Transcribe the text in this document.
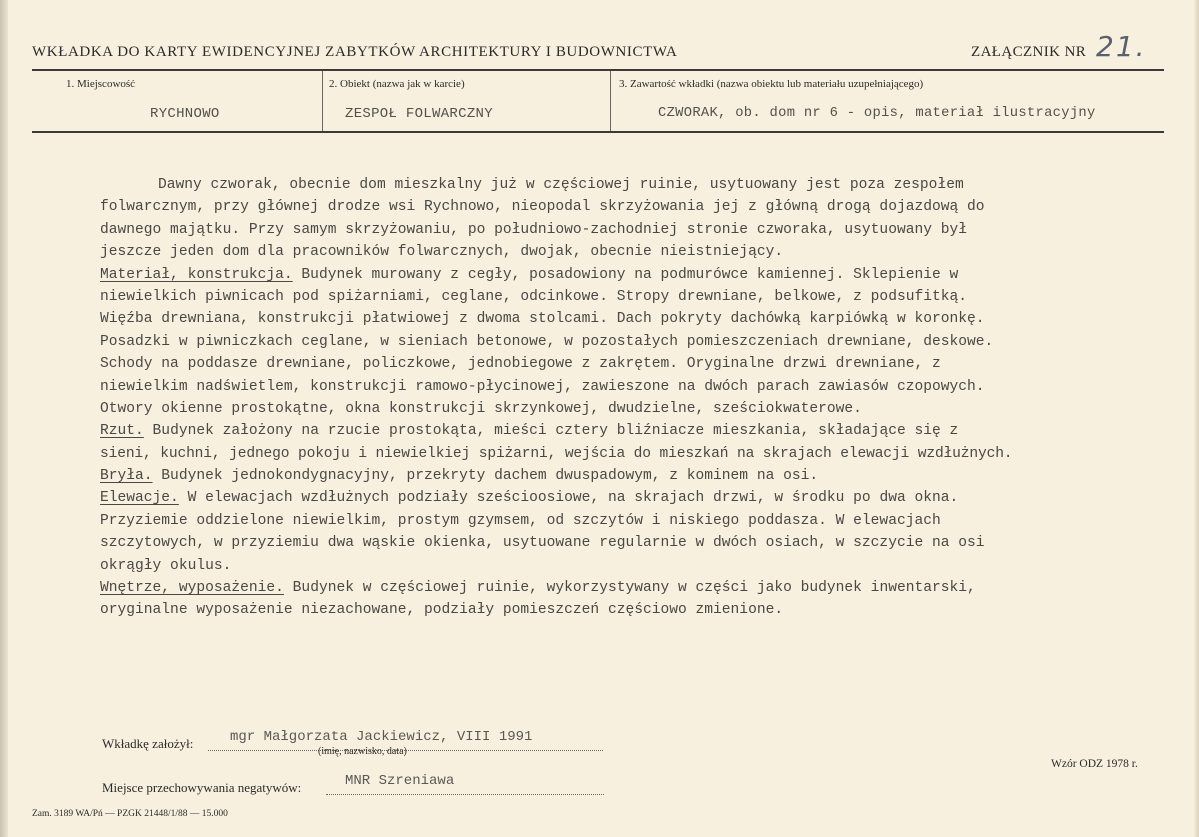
WKŁADKA DO KARTY EWIDENCYJNEJ ZABYTKÓW ARCHITEKTURY I BUDOWNICTWA	ZAŁĄCZNIK NR 21.
1. Miejscowość	2. Obiekt (nazwa jak w karcie)	3. Zawartość wkładki (nazwa obiektu lub materiału uzupełniającego)
RYCHNOWO	ZESPOŁ FOLWARCZNY	CZWORAK, ob. dom nr 6 - opis, materiał ilustracyjny
Dawny czworak, obecnie dom mieszkalny już w częściowej ruinie, usytuowany jest poza zespołem
folwarcznym, przy głównej drodze wsi Rychnowo, nieopodal skrzyżowania jej z główną drogą dojazdową do
dawnego majątku. Przy samym skrzyżowaniu, po południowo-zachodniej stronie czworaka, usytuowany był
jeszcze jeden dom dla pracowników folwarcznych, dwojak, obecnie nieistniejący.
Materiał, konstrukcja. Budynek murowany z cegły, posadowiony na podmurówce kamiennej. Sklepienie w
niewielkich piwnicach pod spiżarniami, ceglane, odcinkowe. Stropy drewniane, belkowe, z podsufitką.
Więźba drewniana, konstrukcji płatwiowej z dwoma stolcami. Dach pokryty dachówką karpiówką w koronkę.
Posadzki w piwniczkach ceglane, w sieniach betonowe, w pozostałych pomieszczeniach drewniane, deskowe.
Schody na poddasze drewniane, policzkowe, jednobiegowe z zakrętem. Oryginalne drzwi drewniane, z
niewielkim nadświetlem, konstrukcji ramowo-płycinowej, zawieszone na dwóch parach zawiasów czopowych.
Otwory okienne prostokątne, okna konstrukcji skrzynkowej, dwudzielne, sześciokwaterowe.
Rzut. Budynek założony na rzucie prostokąta, mieści cztery bliźniacze mieszkania, składające się z
sieni, kuchni, jednego pokoju i niewielkiej spiżarni, wejścia do mieszkań na skrajach elewacji wzdłużnych.
Bryła. Budynek jednokondygnacyjny, przekryty dachem dwuspadowym, z kominem na osi.
Elewacje. W elewacjach wzdłużnych podziały sześcioosiowe, na skrajach drzwi, w środku po dwa okna.
Przyziemie oddzielone niewielkim, prostym gzymsem, od szczytów i niskiego poddasza. W elewacjach
szczytowych, w przyziemiu dwa wąskie okienka, usytuowane regularnie w dwóch osiach, w szczycie na osi
okrągły okulus.
Wnętrze, wyposażenie. Budynek w częściowej ruinie, wykorzystywany w części jako budynek inwentarski,
oryginalne wyposażenie niezachowane, podziały pomieszczeń częściowo zmienione.
Wkładkę założył:	mgr Małgorzata Jackiewicz, VIII 1991
(imię, nazwisko, data)
Miejsce przechowywania negatywów:	MNR Szreniawa
Wzór ODZ 1978 r.
Zam. 3189 WA/Pń — PZGK 21448/1/88 — 15.000
